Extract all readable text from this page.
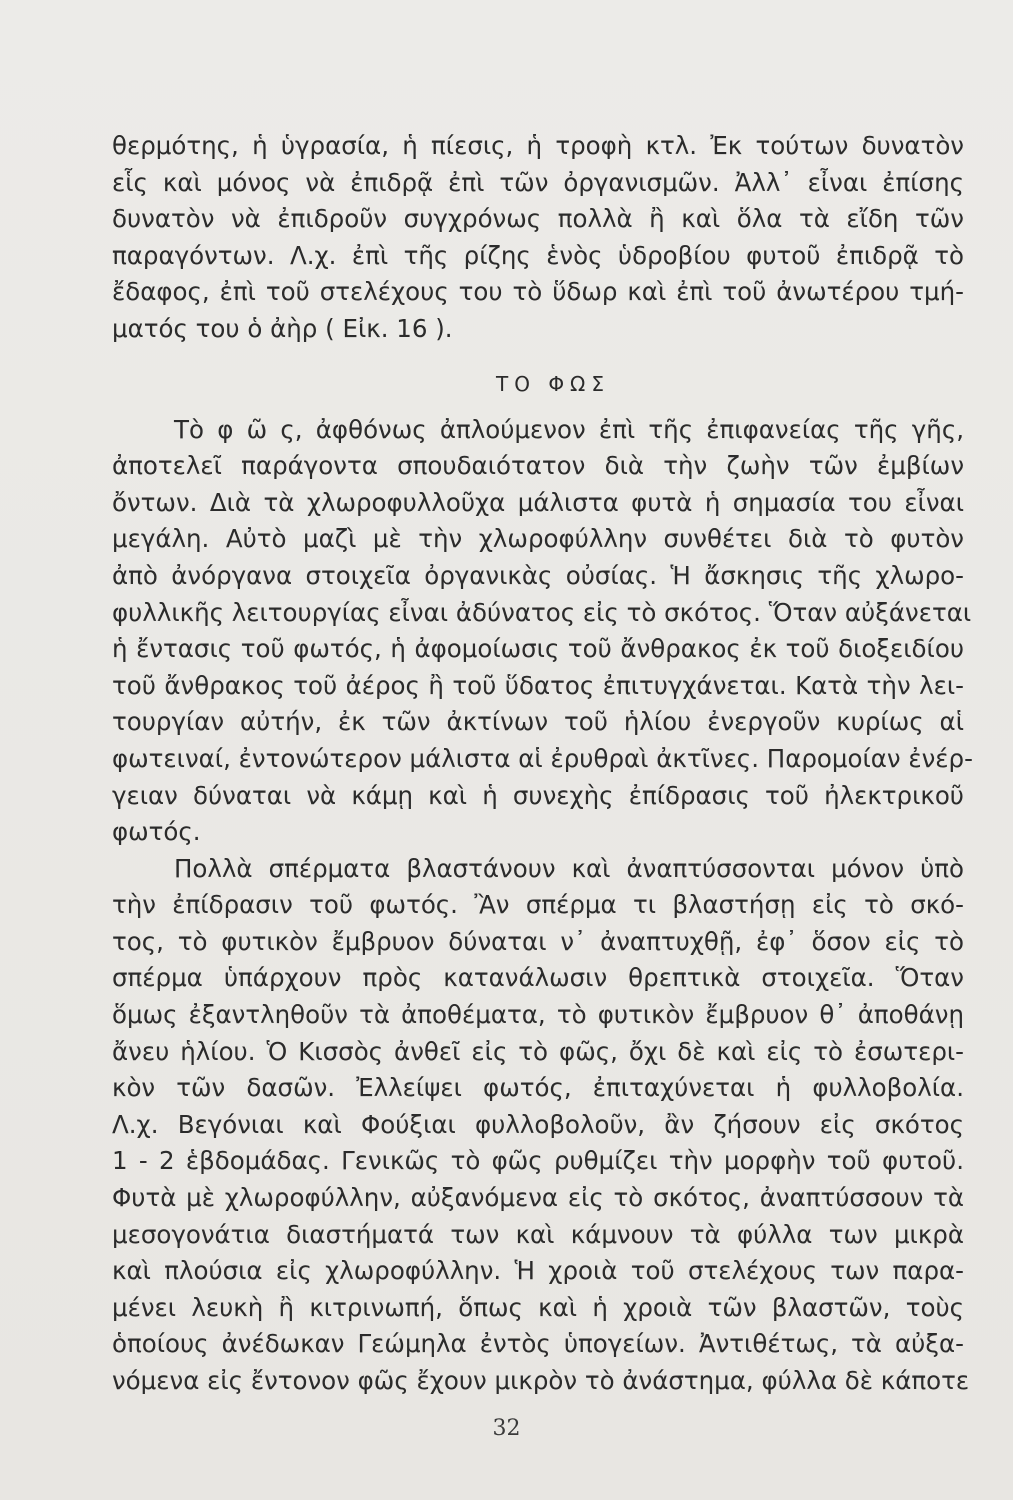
θερμότης, ἡ ὑγρασία, ἡ πίεσις, ἡ τροφὴ κτλ. Ἐκ τούτων δυνατὸν
εἷς καὶ μόνος νὰ ἐπιδρᾷ ἐπὶ τῶν ὀργανισμῶν. Ἀλλ᾽ εἶναι ἐπίσης
δυνατὸν νὰ ἐπιδροῦν συγχρόνως πολλὰ ἢ καὶ ὅλα τὰ εἴδη τῶν
παραγόντων. Λ.χ. ἐπὶ τῆς ρίζης ἑνὸς ὑδροβίου φυτοῦ ἐπιδρᾷ τὸ
ἔδαφος, ἐπὶ τοῦ στελέχους του τὸ ὕδωρ καὶ ἐπὶ τοῦ ἀνωτέρου τμή-
ματός του ὁ ἀὴρ ( Εἰκ. 16 ).

ΤΟ ΦΩΣ

Τὸ φ ῶ ς, ἀφθόνως ἀπλούμενον ἐπὶ τῆς ἐπιφανείας τῆς γῆς,
ἀποτελεῖ παράγοντα σπουδαιότατον διὰ τὴν ζωὴν τῶν ἐμβίων
ὄντων. Διὰ τὰ χλωροφυλλοῦχα μάλιστα φυτὰ ἡ σημασία του εἶναι
μεγάλη. Αὐτὸ μαζὶ μὲ τὴν χλωροφύλλην συνθέτει διὰ τὸ φυτὸν
ἀπὸ ἀνόργανα στοιχεῖα ὀργανικὰς οὐσίας. Ἡ ἄσκησις τῆς χλωρο-
φυλλικῆς λειτουργίας εἶναι ἀδύνατος εἰς τὸ σκότος. Ὅταν αὐξάνεται
ἡ ἔντασις τοῦ φωτός, ἡ ἀφομοίωσις τοῦ ἄνθρακος ἐκ τοῦ διοξειδίου
τοῦ ἄνθρακος τοῦ ἀέρος ἢ τοῦ ὕδατος ἐπιτυγχάνεται. Κατὰ τὴν λει-
τουργίαν αὐτήν, ἐκ τῶν ἀκτίνων τοῦ ἡλίου ἐνεργοῦν κυρίως αἱ
φωτειναί, ἐντονώτερον μάλιστα αἱ ἐρυθραὶ ἀκτῖνες. Παρομοίαν ἐνέρ-
γειαν δύναται νὰ κάμῃ καὶ ἡ συνεχὴς ἐπίδρασις τοῦ ἠλεκτρικοῦ
φωτός.

Πολλὰ σπέρματα βλαστάνουν καὶ ἀναπτύσσονται μόνον ὑπὸ
τὴν ἐπίδρασιν τοῦ φωτός. Ἂν σπέρμα τι βλαστήσῃ εἰς τὸ σκό-
τος, τὸ φυτικὸν ἔμβρυον δύναται ν᾽ ἀναπτυχθῇ, ἐφ᾽ ὅσον εἰς τὸ
σπέρμα ὑπάρχουν πρὸς κατανάλωσιν θρεπτικὰ στοιχεῖα. Ὅταν
ὅμως ἐξαντληθοῦν τὰ ἀποθέματα, τὸ φυτικὸν ἔμβρυον θ᾽ ἀποθάνῃ
ἄνευ ἡλίου. Ὁ Κισσὸς ἀνθεῖ εἰς τὸ φῶς, ὄχι δὲ καὶ εἰς τὸ ἐσωτερι-
κὸν τῶν δασῶν. Ἐλλείψει φωτός, ἐπιταχύνεται ἡ φυλλοβολία.
Λ.χ. Βεγόνιαι καὶ Φούξιαι φυλλοβολοῦν, ἂν ζήσουν εἰς σκότος
1 - 2 ἑβδομάδας. Γενικῶς τὸ φῶς ρυθμίζει τὴν μορφὴν τοῦ φυτοῦ.
Φυτὰ μὲ χλωροφύλλην, αὐξανόμενα εἰς τὸ σκότος, ἀναπτύσσουν τὰ
μεσογονάτια διαστήματά των καὶ κάμνουν τὰ φύλλα των μικρὰ
καὶ πλούσια εἰς χλωροφύλλην. Ἡ χροιὰ τοῦ στελέχους των παρα-
μένει λευκὴ ἢ κιτρινωπή, ὅπως καὶ ἡ χροιὰ τῶν βλαστῶν, τοὺς
ὁποίους ἀνέδωκαν Γεώμηλα ἐντὸς ὑπογείων. Ἀντιθέτως, τὰ αὐξα-
νόμενα εἰς ἔντονον φῶς ἔχουν μικρὸν τὸ ἀνάστημα, φύλλα δὲ κάποτε

32
